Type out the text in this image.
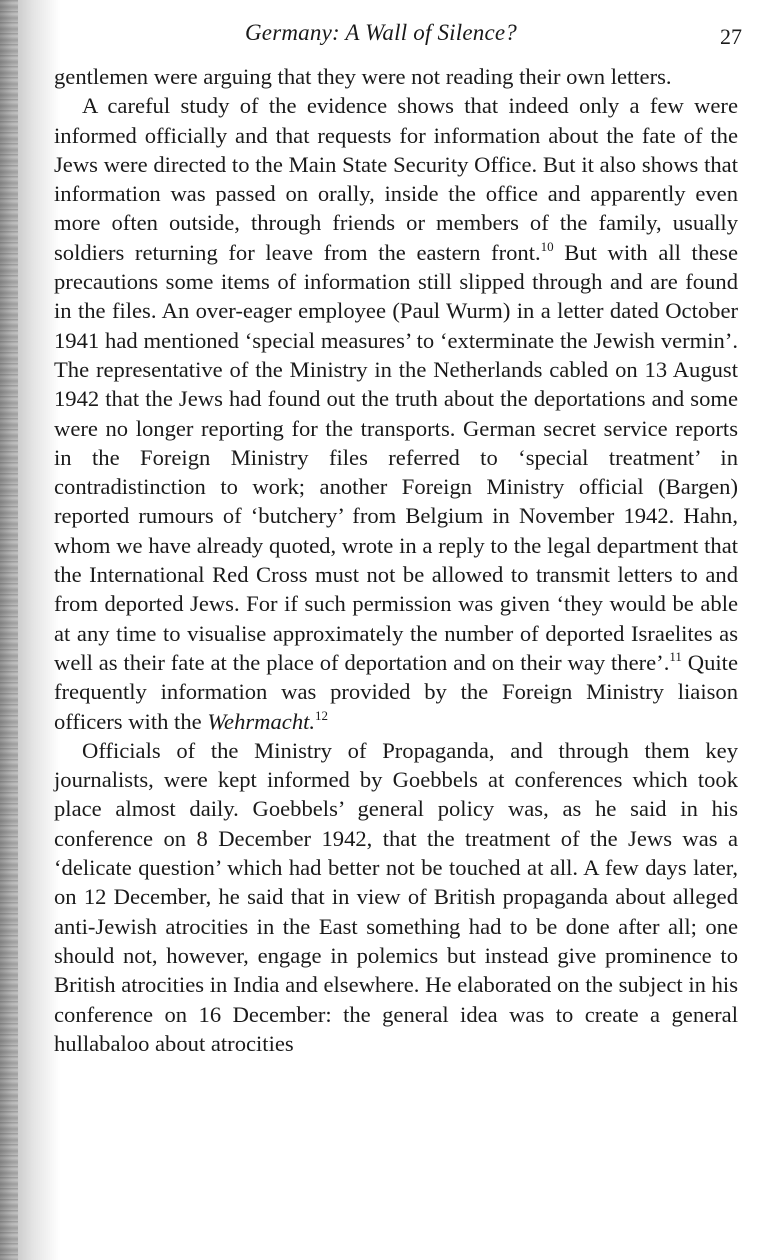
Germany: A Wall of Silence?	27

gentlemen were arguing that they were not reading their own letters.

A careful study of the evidence shows that indeed only a few were informed officially and that requests for information about the fate of the Jews were directed to the Main State Security Office. But it also shows that information was passed on orally, inside the office and apparently even more often outside, through friends or members of the family, usually soldiers returning for leave from the eastern front.$^{10}$ But with all these precautions some items of information still slipped through and are found in the files. An over-eager employee (Paul Wurm) in a letter dated October 1941 had mentioned ‘special measures’ to ‘exterminate the Jewish vermin’. The representative of the Ministry in the Netherlands cabled on 13 August 1942 that the Jews had found out the truth about the deportations and some were no longer reporting for the transports. German secret service reports in the Foreign Ministry files referred to ‘special treatment’ in contradistinction to work; another Foreign Ministry official (Bargen) reported rumours of ‘butchery’ from Belgium in November 1942. Hahn, whom we have already quoted, wrote in a reply to the legal department that the International Red Cross must not be allowed to transmit letters to and from deported Jews. For if such permission was given ‘they would be able at any time to visualise approximately the number of deported Israelites as well as their fate at the place of deportation and on their way there’.$^{11}$ Quite frequently information was provided by the Foreign Ministry liaison officers with the Wehrmacht.$^{12}$

Officials of the Ministry of Propaganda, and through them key journalists, were kept informed by Goebbels at conferences which took place almost daily. Goebbels’ general policy was, as he said in his conference on 8 December 1942, that the treatment of the Jews was a ‘delicate question’ which had better not be touched at all. A few days later, on 12 December, he said that in view of British propaganda about alleged anti-Jewish atrocities in the East something had to be done after all; one should not, however, engage in polemics but instead give prominence to British atrocities in India and elsewhere. He elaborated on the subject in his conference on 16 December: the general idea was to create a general hullabaloo about atrocities
